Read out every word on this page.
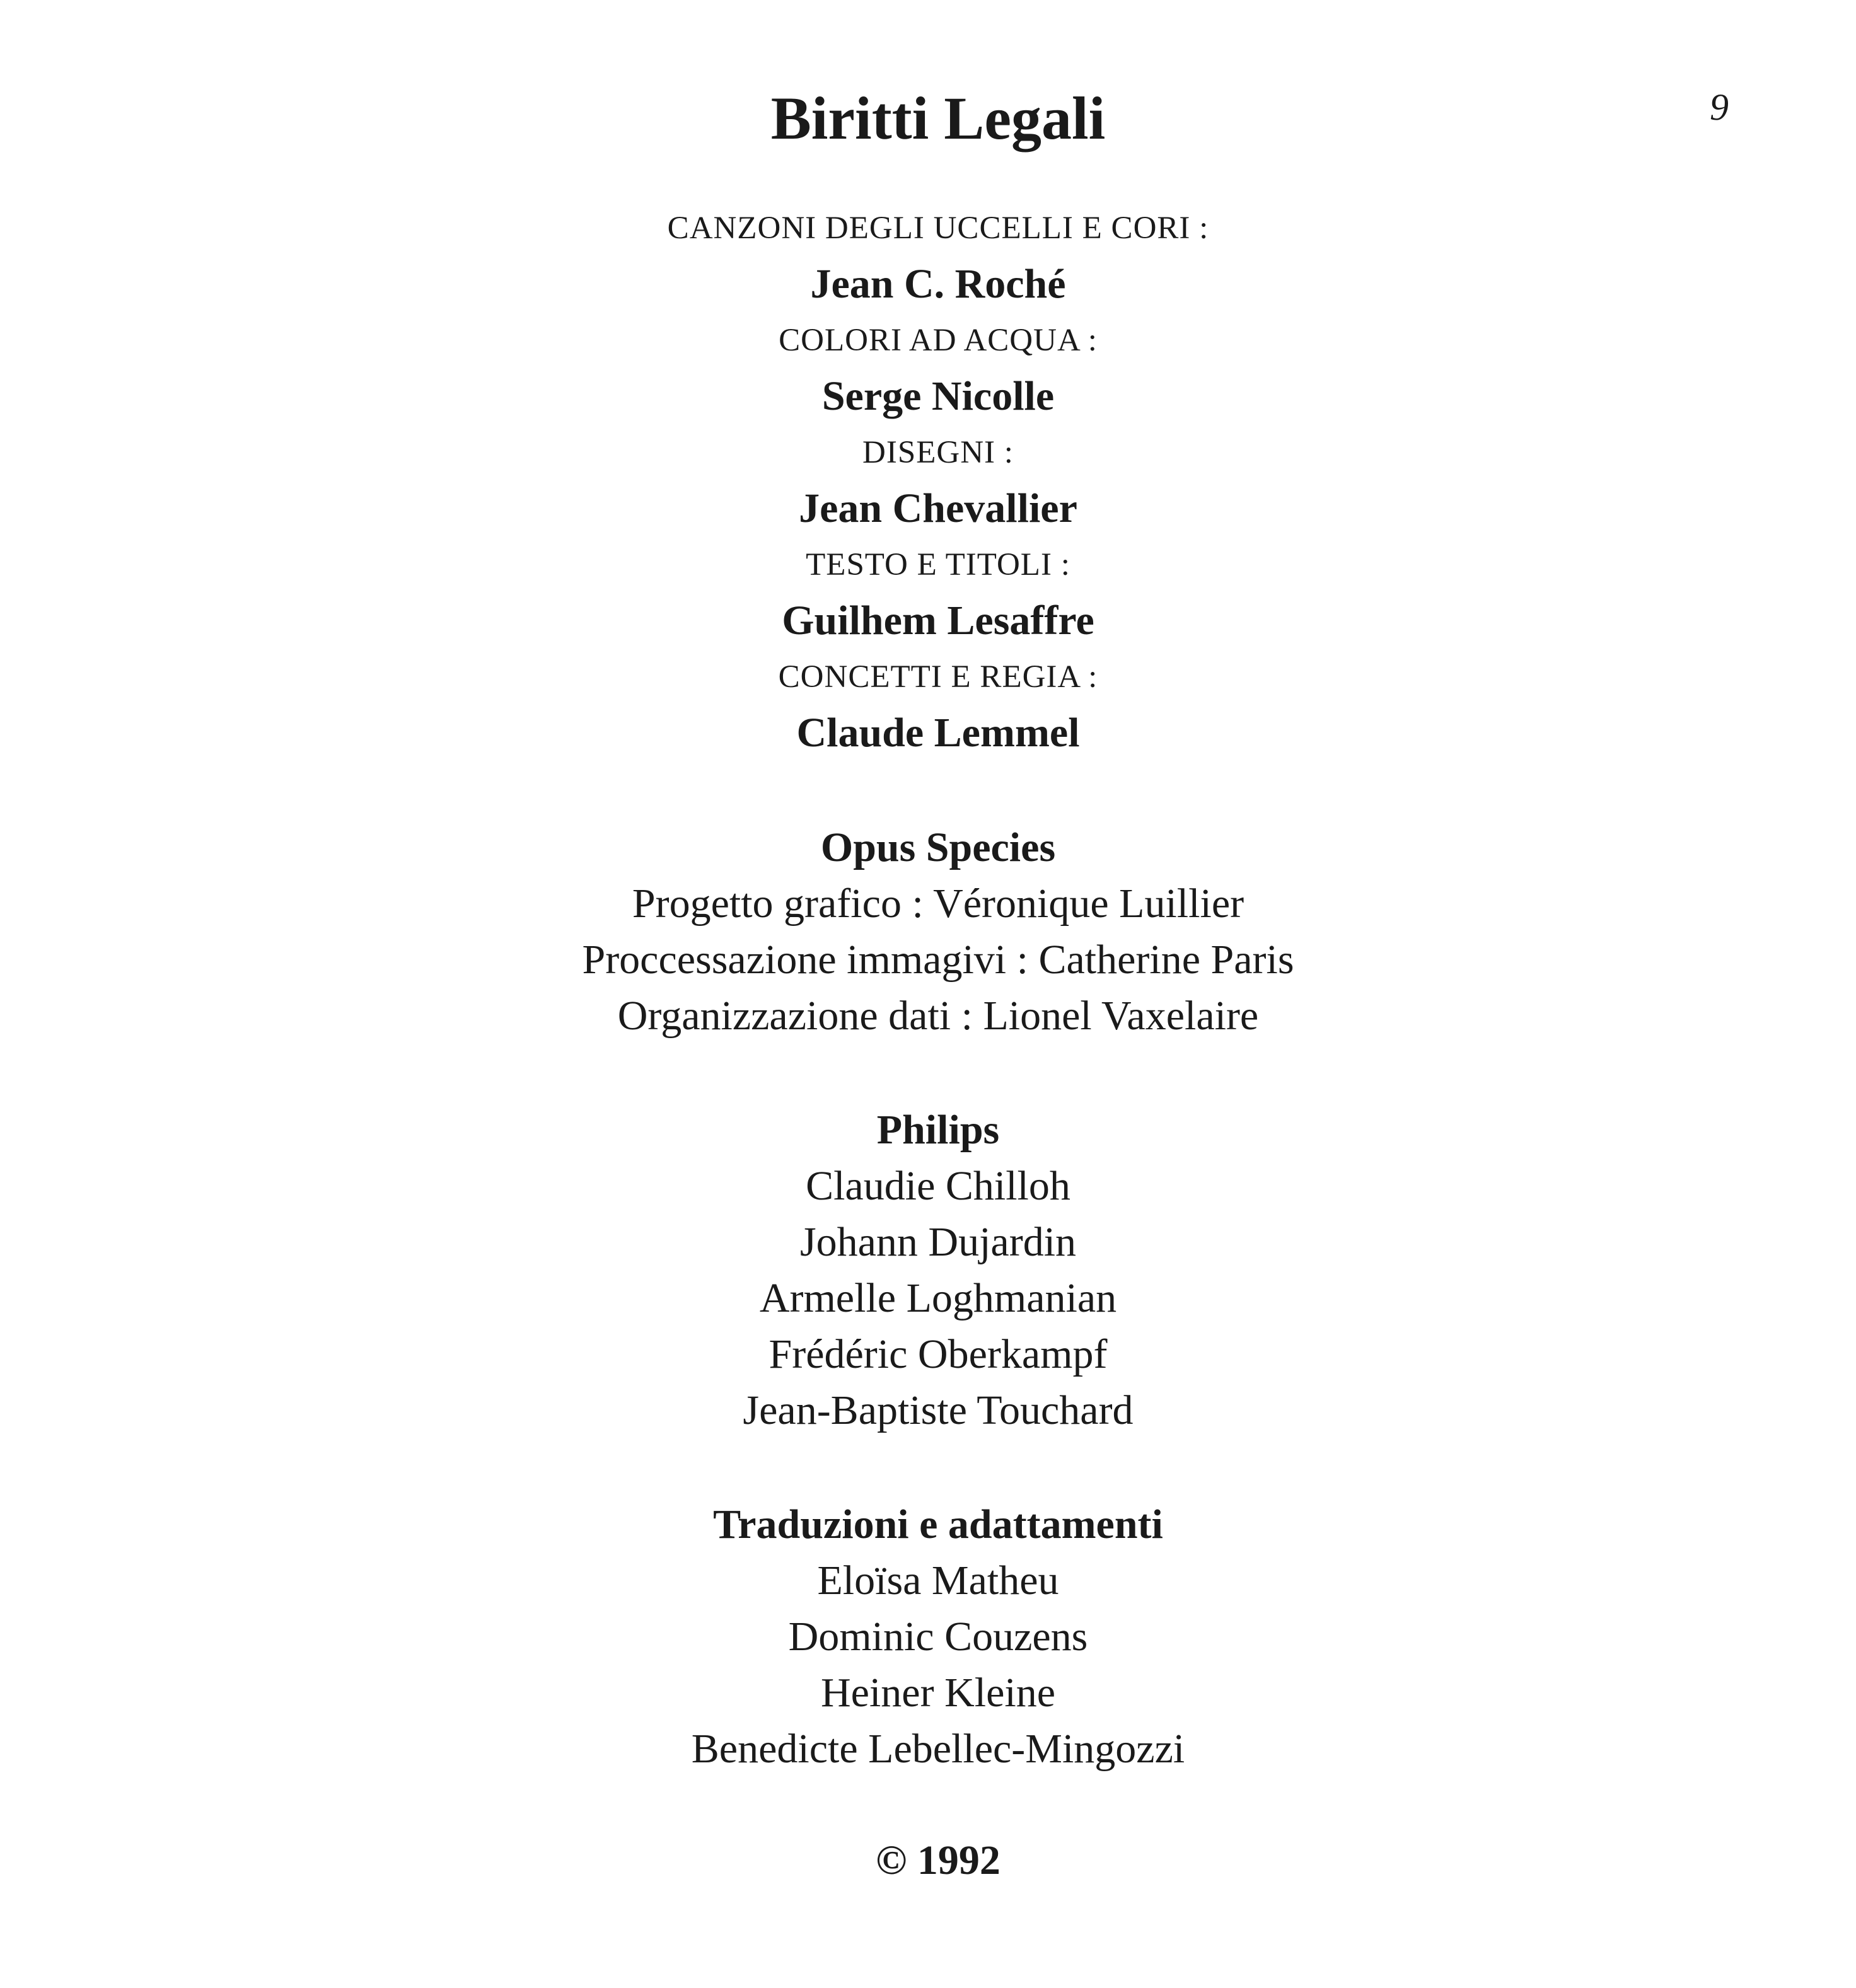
9
Biritti Legali
CANZONI DEGLI UCCELLI E CORI :
Jean C. Roché
COLORI AD ACQUA :
Serge Nicolle
DISEGNI :
Jean Chevallier
TESTO E TITOLI :
Guilhem Lesaffre
CONCETTI E REGIA :
Claude Lemmel
Opus Species
Progetto grafico : Véronique Luillier
Proccessazione immagivi : Catherine Paris
Organizzazione dati : Lionel Vaxelaire
Philips
Claudie Chilloh
Johann Dujardin
Armelle Loghmanian
Frédéric Oberkampf
Jean-Baptiste Touchard
Traduzioni e adattamenti
Eloïsa Matheu
Dominic Couzens
Heiner Kleine
Benedicte Lebellec-Mingozzi
© 1992
